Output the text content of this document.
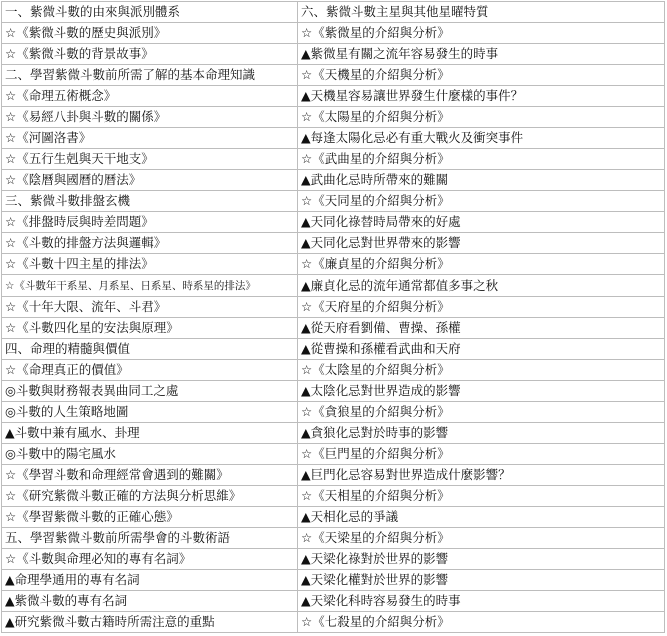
一、紫微斗數的由來與派別體系	六、紫微斗數主星與其他星曜特質
☆《紫微斗數的歷史與派別》	☆《紫微星的介紹與分析》
☆《紫微斗數的背景故事》	▲紫微星有關之流年容易發生的時事
二、學習紫微斗數前所需了解的基本命理知識	☆《天機星的介紹與分析》
☆《命理五術概念》	▲天機星容易讓世界發生什麼樣的事件？
☆《易經八卦與斗數的關係》	☆《太陽星的介紹與分析》
☆《河圖洛書》	▲每逢太陽化忌必有重大戰火及衝突事件
☆《五行生剋與天干地支》	☆《武曲星的介紹與分析》
☆《陰曆與國曆的曆法》	▲武曲化忌時所帶來的難關
三、紫微斗數排盤玄機	☆《天同星的介紹與分析》
☆《排盤時辰與時差問題》	▲天同化祿替時局帶來的好處
☆《斗數的排盤方法與邏輯》	▲天同化忌對世界帶來的影響
☆《斗數十四主星的排法》	☆《廉貞星的介紹與分析》
☆《斗數年干系星、月系星、日系星、時系星的排法》	▲廉貞化忌的流年通常都值多事之秋
☆《十年大限、流年、斗君》	☆《天府星的介紹與分析》
☆《斗數四化星的安法與原理》	▲從天府看劉備、曹操、孫權
四、命理的精髓與價值	▲從曹操和孫權看武曲和天府
☆《命理真正的價值》	☆《太陰星的介紹與分析》
◎斗數與財務報表異曲同工之處	▲太陰化忌對世界造成的影響
◎斗數的人生策略地圖	☆《貪狼星的介紹與分析》
▲斗數中兼有風水、卦理	▲貪狼化忌對於時事的影響
◎斗數中的陽宅風水	☆《巨門星的介紹與分析》
☆《學習斗數和命理經常會遇到的難關》	▲巨門化忌容易對世界造成什麼影響？
☆《研究紫微斗數正確的方法與分析思維》	☆《天相星的介紹與分析》
☆《學習紫微斗數的正確心態》	▲天相化忌的爭議
五、學習紫微斗數前所需學會的斗數術語	☆《天梁星的介紹與分析》
☆《斗數與命理必知的專有名詞》	▲天梁化祿對於世界的影響
▲命理學通用的專有名詞	▲天梁化權對於世界的影響
▲紫微斗數的專有名詞	▲天梁化科時容易發生的時事
▲研究紫微斗數古籍時所需注意的重點	☆《七殺星的介紹與分析》
